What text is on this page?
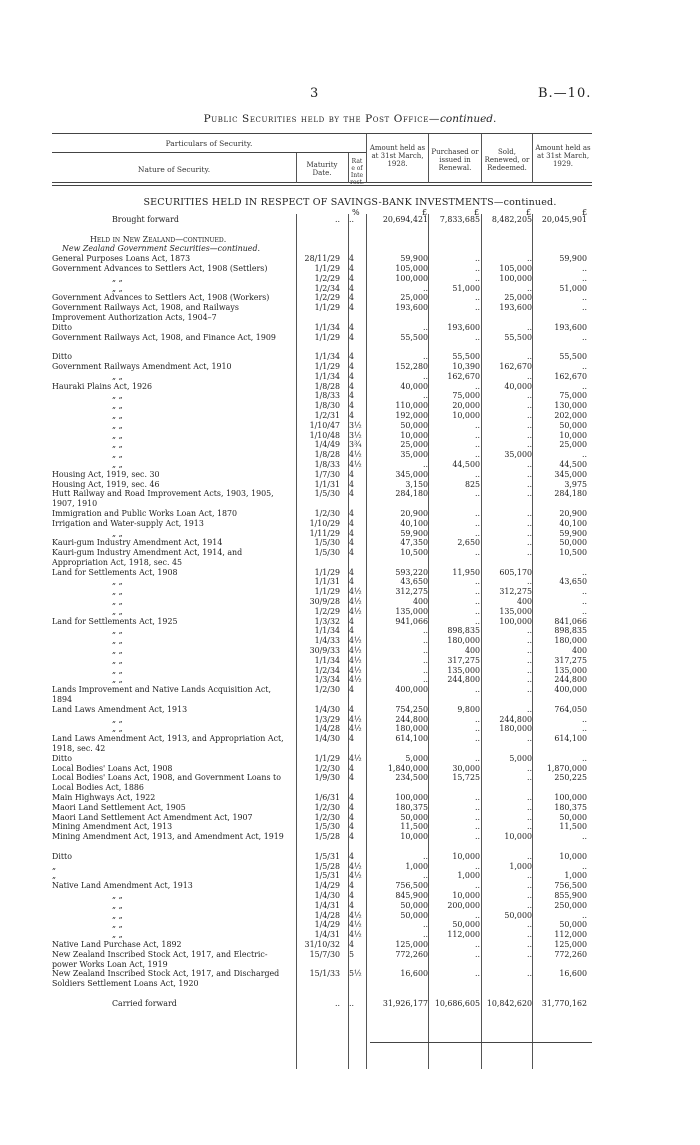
3	B.—10.
Public Securities held by the Post Office—continued.
Particulars of Security.
Nature of Security.	Maturity Date.
Rate of Interest.
Amount held as at 31st March, 1928.
Purchased or issued in Renewal.
Sold, Renewed, or Redeemed.
Amount held as at 31st March, 1929.
SECURITIES HELD IN RESPECT OF SAVINGS-BANK INVESTMENTS—continued.
%	£	£	£	£
Brought forward	.. ..	20,694,421	7,833,685	8,482,205	20,045,901
Held in New Zealand—continued.
New Zealand Government Securities—continued.
General Purposes Loans Act, 1873	28/11/29 4	59,900	..	..	59,900
Government Advances to Settlers Act, 1908 (Settlers)	1/1/29 4	105,000	..	105,000	..
„ „	1/2/29 4	100,000	..	100,000	..
„ „	1/2/34 4	..	51,000	..	51,000
Government Advances to Settlers Act, 1908 (Workers)	1/2/29 4	25,000	..	25,000	..
Government Railways Act, 1908, and Railways Improvement Authorization Acts, 1904–7
1/1/29 4	193,600	..	193,600	..
Ditto	1/1/34 4	..	193,600	..	193,600
Government Railways Act, 1908, and Finance Act, 1909	1/1/29 4	55,500	..	55,500	..
Ditto	1/1/34 4	..	55,500	..	55,500
Government Railways Amendment Act, 1910	1/1/29 4	152,280	10,390	162,670	..
„ „	1/1/34 4	..	162,670	..	162,670
Hauraki Plains Act, 1926	1/8/28 4	40,000	..	40,000	..
„ „	1/8/33 4	..	75,000	..	75,000
„ „	1/8/30 4	110,000	20,000	..	130,000
„ „	1/2/31 4	192,000	10,000	..	202,000
„ „	1/10/47 3½	50,000	..	..	50,000
„ „	1/10/48 3½	10,000	..	..	10,000
„ „	1/4/49 3¾	25,000	..	..	25,000
„ „	1/8/28 4½	35,000	..	35,000	..
„ „	1/8/33 4½	..	44,500	..	44,500
Housing Act, 1919, sec. 30	1/7/30 4	345,000	..	..	345,000
Housing Act, 1919, sec. 46	1/1/31 4	3,150	825	..	3,975
Hutt Railway and Road Improvement Acts, 1903, 1905, 1907, 1910
1/5/30 4	284,180	..	..	284,180
Immigration and Public Works Loan Act, 1870	1/2/30 4	20,900	..	..	20,900
Irrigation and Water-supply Act, 1913	1/10/29 4	40,100	..	..	40,100
„ „	1/11/29 4	59,900	..	..	59,900
Kauri-gum Industry Amendment Act, 1914	1/5/30 4	47,350	2,650	..	50,000
Kauri-gum Industry Amendment Act, 1914, and Appropriation Act, 1918, sec. 45
1/5/30 4	10,500	..	..	10,500
Land for Settlements Act, 1908	1/1/29 4	593,220	11,950	605,170	..
„ „	1/1/31 4	43,650	..	..	43,650
„ „	1/1/29 4½	312,275	..	312,275	..
„ „	30/9/28 4½	400	..	400	..
„ „	1/2/29 4½	135,000	..	135,000	..
Land for Settlements Act, 1925	1/3/32 4	941,066	..	100,000	841,066
„ „	1/1/34 4	..	898,835	..	898,835
„ „	1/4/33 4½	..	180,000	..	180,000
„ „	30/9/33 4½	..	400	..	400
„ „	1/1/34 4½	..	317,275	..	317,275
„ „	1/2/34 4½	..	135,000	..	135,000
„ „	1/3/34 4½	..	244,800	..	244,800
Lands Improvement and Native Lands Acquisition Act, 1894
1/2/30 4	400,000	..	..	400,000
Land Laws Amendment Act, 1913	1/4/30 4	754,250	9,800	..	764,050
„ „	1/3/29 4½	244,800	..	244,800	..
„ „	1/4/28 4½	180,000	..	180,000	..
Land Laws Amendment Act, 1913, and Appropriation Act, 1918, sec. 42
1/4/30 4	614,100	..	..	614,100
Ditto	1/1/29 4½	5,000	..	5,000	..
Local Bodies' Loans Act, 1908	1/2/30 4	1,840,000	30,000	..	1,870,000
Local Bodies' Loans Act, 1908, and Government Loans to Local Bodies Act, 1886
1/9/30 4	234,500	15,725	..	250,225
Main Highways Act, 1922	1/6/31 4	100,000	..	..	100,000
Maori Land Settlement Act, 1905	1/2/30 4	180,375	..	..	180,375
Maori Land Settlement Act Amendment Act, 1907	1/2/30 4	50,000	..	..	50,000
Mining Amendment Act, 1913	1/5/30 4	11,500	..	..	11,500
Mining Amendment Act, 1913, and Amendment Act, 1919	1/5/28 4	10,000	..	10,000	..
Ditto	1/5/31 4	..	10,000	..	10,000
„	1/5/28 4½	1,000	..	1,000	..
„	1/5/31 4½	..	1,000	..	1,000
Native Land Amendment Act, 1913	1/4/29 4	756,500	..	..	756,500
„ „	1/4/30 4	845,900	10,000	..	855,900
„ „	1/4/31 4	50,000	200,000	..	250,000
„ „	1/4/28 4½	50,000	..	50,000	..
„ „	1/4/29 4½	..	50,000	..	50,000
„ „	1/4/31 4½	..	112,000	..	112,000
Native Land Purchase Act, 1892	31/10/32 4	125,000	..	..	125,000
New Zealand Inscribed Stock Act, 1917, and Electric-power Works Loan Act, 1919
15/7/30 5	772,260	..	..	772,260
New Zealand Inscribed Stock Act, 1917, and Discharged Soldiers Settlement Loans Act, 1920
15/1/33 5½	16,600	..	..	16,600
Carried forward	.. ..	31,926,177 10,686,605 10,842,620	31,770,162
